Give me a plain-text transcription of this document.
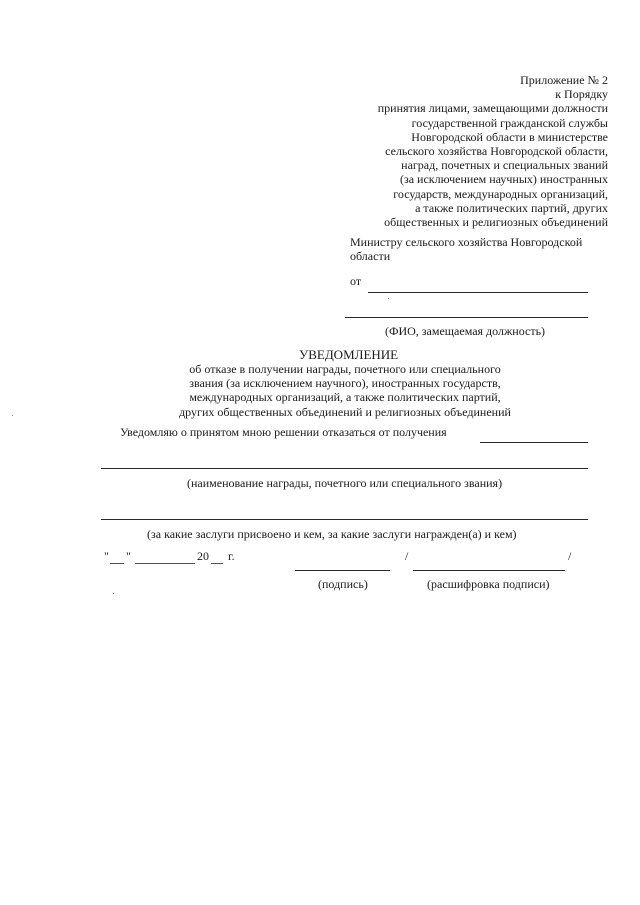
Приложение № 2
к Порядку
принятия лицами, замещающими должности
государственной гражданской службы
Новгородской области в министерстве
сельского хозяйства Новгородской области,
наград, почетных и специальных званий
(за исключением научных) иностранных
государств, международных организаций,
а также политических партий, других
общественных и религиозных объединений
Министру сельского хозяйства Новгородской
области
от
(ФИО, замещаемая должность)
УВЕДОМЛЕНИЕ
об отказе в получении награды, почетного или специального
звания (за исключением научного), иностранных государств,
международных организаций, а также политических партий,
других общественных объединений и религиозных объединений
Уведомляю о принятом мною решении отказаться от получения
(наименование награды, почетного или специального звания)
(за какие заслуги присвоено и кем, за какие заслуги награжден(а) и кем)
" "	20 г.	/	/
(подпись)	(расшифровка подписи)
